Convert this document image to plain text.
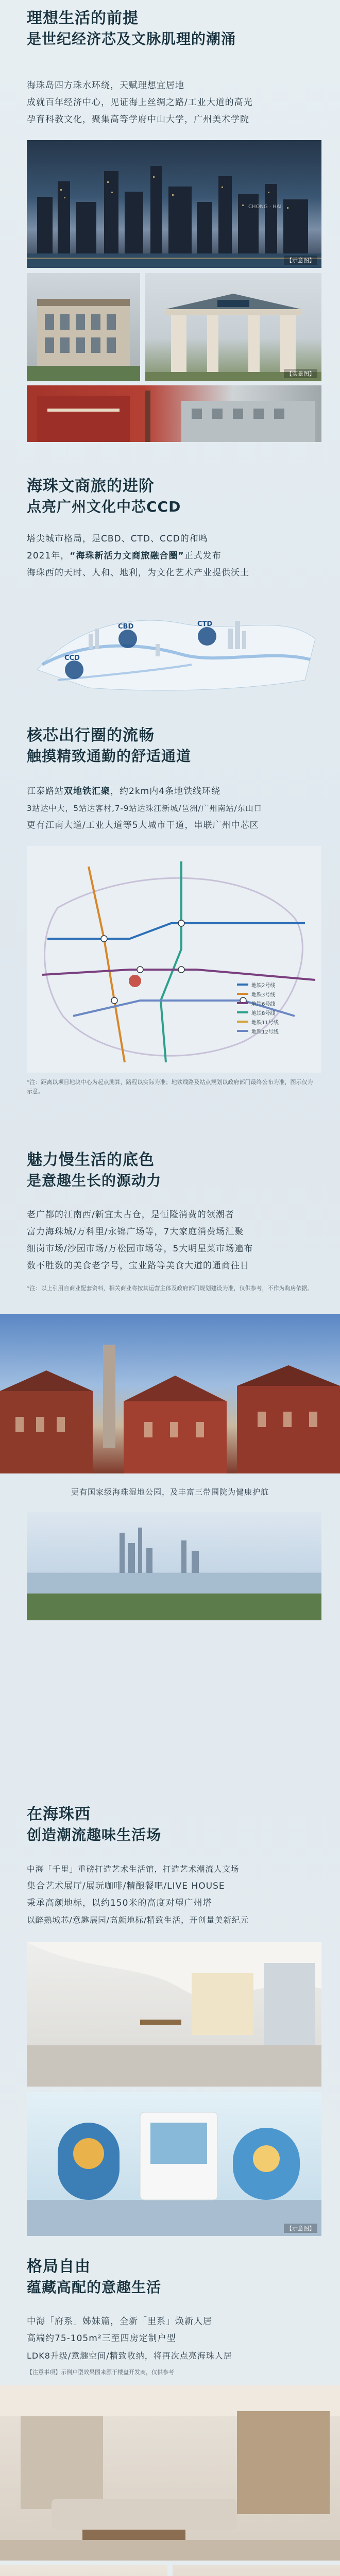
理想生活的前提
是世纪经济芯及文脉肌理的潮涌
海珠岛四方珠水环绕，天赋理想宜居地
成就百年经济中心，见证海上丝绸之路/工业大道的高光
孕育科教文化，聚集高等学府中山大学，广州美术学院
CHONG · HAI
【示意图】
【实景图】
海珠文商旅的进阶
点亮广州文化中芯CCD
塔尖城市格局，是CBD、CTD、CCD的和鸣
2021年，“海珠新活力文商旅融合圈”正式发布
海珠西的天时、人和、地利，为文化艺术产业提供沃土
CCD
CBD	CTD
核芯出行圈的流畅
触摸精致通勤的舒适通道
江泰路站双地铁汇聚，约2km内4条地铁线环绕
3站达中大，5站达客村,7-9站达珠江新城/琶洲/广州南站/东山口
更有江南大道/工业大道等5大城市干道，串联广州中芯区
地铁2号线
地铁3号线
地铁6号线
地铁8号线
地铁11号线
地铁12号线
*注：距离以项目地块中心为起点测算，路程以实际为准；地铁线路及站点规划以政府部门最终公布为准，图示仅为示意。
魅力慢生活的底色
是意趣生长的源动力
老广都的江南西/新宜太古仓，是恒隆消费的领潮者
富力海珠城/万科里/永锦广场等，7大家庭消费场汇聚
细岗市场/沙园市场/万松园市场等，5大明星菜市场遍布
数不胜数的美食老字号，宝业路等美食大道的通商往日
*注：以上引用自商业配套资料，相关商业将按其运营主体及政府部门规划建设为准，仅供参考，不作为购房依据。
更有国家级海珠湿地公园，及丰富三带围院为健康护航
在海珠西
创造潮流趣味生活场
中海「千里」重磅打造艺术生活馆，打造艺术潮流人文场
集合艺术展厅/展玩咖啡/精酿餐吧/LIVE HOUSE
秉承高颜地标，以约150米的高度对望广州塔
以醉熟城芯/意趣展园/高颜地标/精致生活，开创量美新纪元
【示意图】
格局自由
蕴藏高配的意趣生活
中海「府系」姊妹篇，全新「里系」焕新人居
高端约75-105m²三至四房定制户型
LDK8升级/意趣空间/精致收纳，将再次点亮海珠人居
【注意事项】示例户型效果图来源于楼盘开发商，仅供参考
